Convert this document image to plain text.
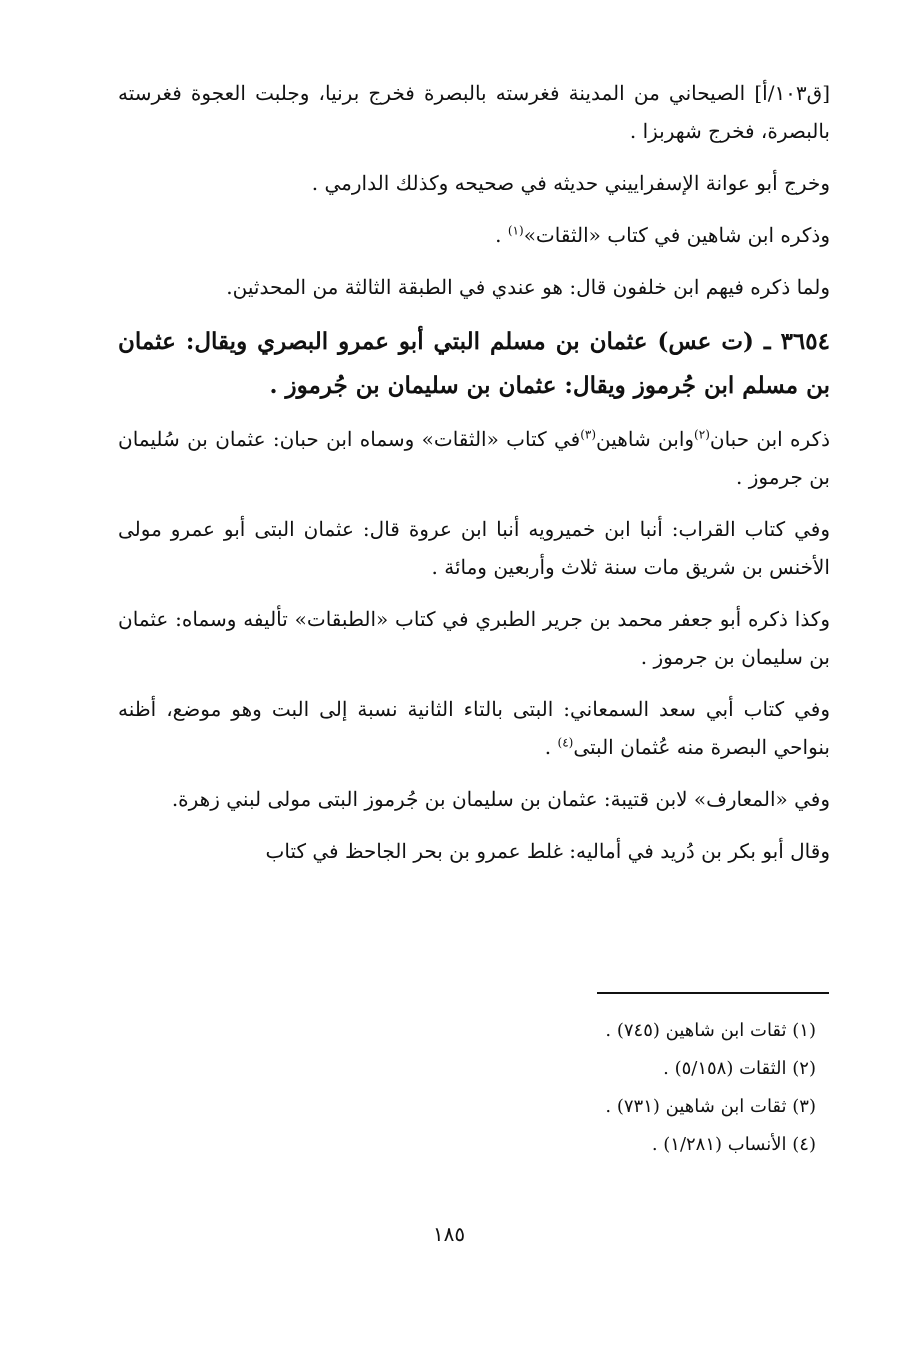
[ق١٠٣/أ] الصيحاني من المدينة فغرسته بالبصرة فخرج برنيا، وجلبت العجوة فغرسته بالبصرة، فخرج شهربزا .

وخرج أبو عوانة الإسفراييني حديثه في صحيحه وكذلك الدارمي .

وذكره ابن شاهين في كتاب «الثقات»$^{(١)}$ .

ولما ذكره فيهم ابن خلفون قال: هو عندي في الطبقة الثالثة من المحدثين.

٣٦٥٤ ـ (ت عس) عثمان بن مسلم البتي أبو عمرو البصري ويقال: عثمان بن مسلم ابن جُرموز ويقال: عثمان بن سليمان بن جُرموز .

ذكره ابن حبان$^{(٢)}$وابن شاهين$^{(٣)}$في كتاب «الثقات» وسماه ابن حبان: عثمان بن سُليمان بن جرموز .

وفي كتاب القراب: أنبا ابن خميرويه أنبا ابن عروة قال: عثمان البتى أبو عمرو مولى الأخنس بن شريق مات سنة ثلاث وأربعين ومائة .

وكذا ذكره أبو جعفر محمد بن جرير الطبري في كتاب «الطبقات» تأليفه وسماه: عثمان بن سليمان بن جرموز .

وفي كتاب أبي سعد السمعاني: البتى بالتاء الثانية نسبة إلى البت وهو موضع، أظنه بنواحي البصرة منه عُثمان البتى$^{(٤)}$ .

وفي «المعارف» لابن قتيبة: عثمان بن سليمان بن جُرموز البتى مولى لبني زهرة.

وقال أبو بكر بن دُريد في أماليه: غلط عمرو بن بحر الجاحظ في كتاب

(١) ثقات ابن شاهين (٧٤٥) .

(٢) الثقات (٥/١٥٨) .

(٣) ثقات ابن شاهين (٧٣١) .

(٤) الأنساب (١/٢٨١) .

١٨٥
